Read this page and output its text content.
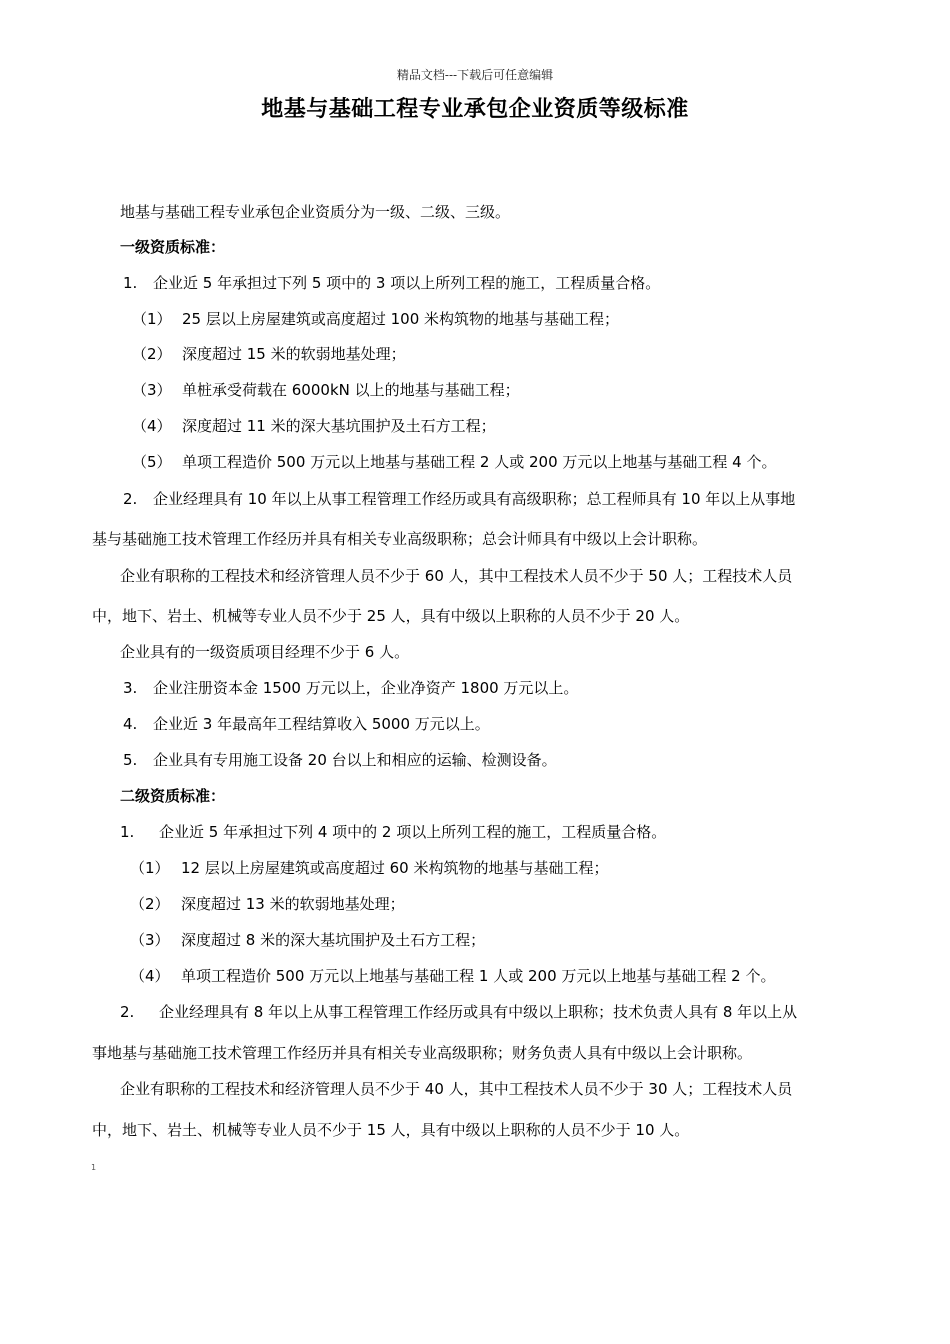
精品文档---下载后可任意编辑
地基与基础工程专业承包企业资质等级标准
地基与基础工程专业承包企业资质分为一级、二级、三级。
一级资质标准：
1. 企业近 5 年承担过下列 5 项中的 3 项以上所列工程的施工，工程质量合格。
（1） 25 层以上房屋建筑或高度超过 100 米构筑物的地基与基础工程；
（2） 深度超过 15 米的软弱地基处理；
（3） 单桩承受荷载在 6000kN 以上的地基与基础工程；
（4） 深度超过 11 米的深大基坑围护及土石方工程；
（5） 单项工程造价 500 万元以上地基与基础工程 2 人或 200 万元以上地基与基础工程 4 个。
2. 企业经理具有 10 年以上从事工程管理工作经历或具有高级职称；总工程师具有 10 年以上从事地
基与基础施工技术管理工作经历并具有相关专业高级职称；总会计师具有中级以上会计职称。
企业有职称的工程技术和经济管理人员不少于 60 人，其中工程技术人员不少于 50 人；工程技术人员
中，地下、岩土、机械等专业人员不少于 25 人，具有中级以上职称的人员不少于 20 人。
企业具有的一级资质项目经理不少于 6 人。
3. 企业注册资本金 1500 万元以上，企业净资产 1800 万元以上。
4. 企业近 3 年最高年工程结算收入 5000 万元以上。
5. 企业具有专用施工设备 20 台以上和相应的运输、检测设备。
二级资质标准：
1. 企业近 5 年承担过下列 4 项中的 2 项以上所列工程的施工，工程质量合格。
（1） 12 层以上房屋建筑或高度超过 60 米构筑物的地基与基础工程；
（2） 深度超过 13 米的软弱地基处理；
（3） 深度超过 8 米的深大基坑围护及土石方工程；
（4） 单项工程造价 500 万元以上地基与基础工程 1 人或 200 万元以上地基与基础工程 2 个。
2. 企业经理具有 8 年以上从事工程管理工作经历或具有中级以上职称；技术负责人具有 8 年以上从
事地基与基础施工技术管理工作经历并具有相关专业高级职称；财务负责人具有中级以上会计职称。
企业有职称的工程技术和经济管理人员不少于 40 人，其中工程技术人员不少于 30 人；工程技术人员
中，地下、岩土、机械等专业人员不少于 15 人，具有中级以上职称的人员不少于 10 人。
1
